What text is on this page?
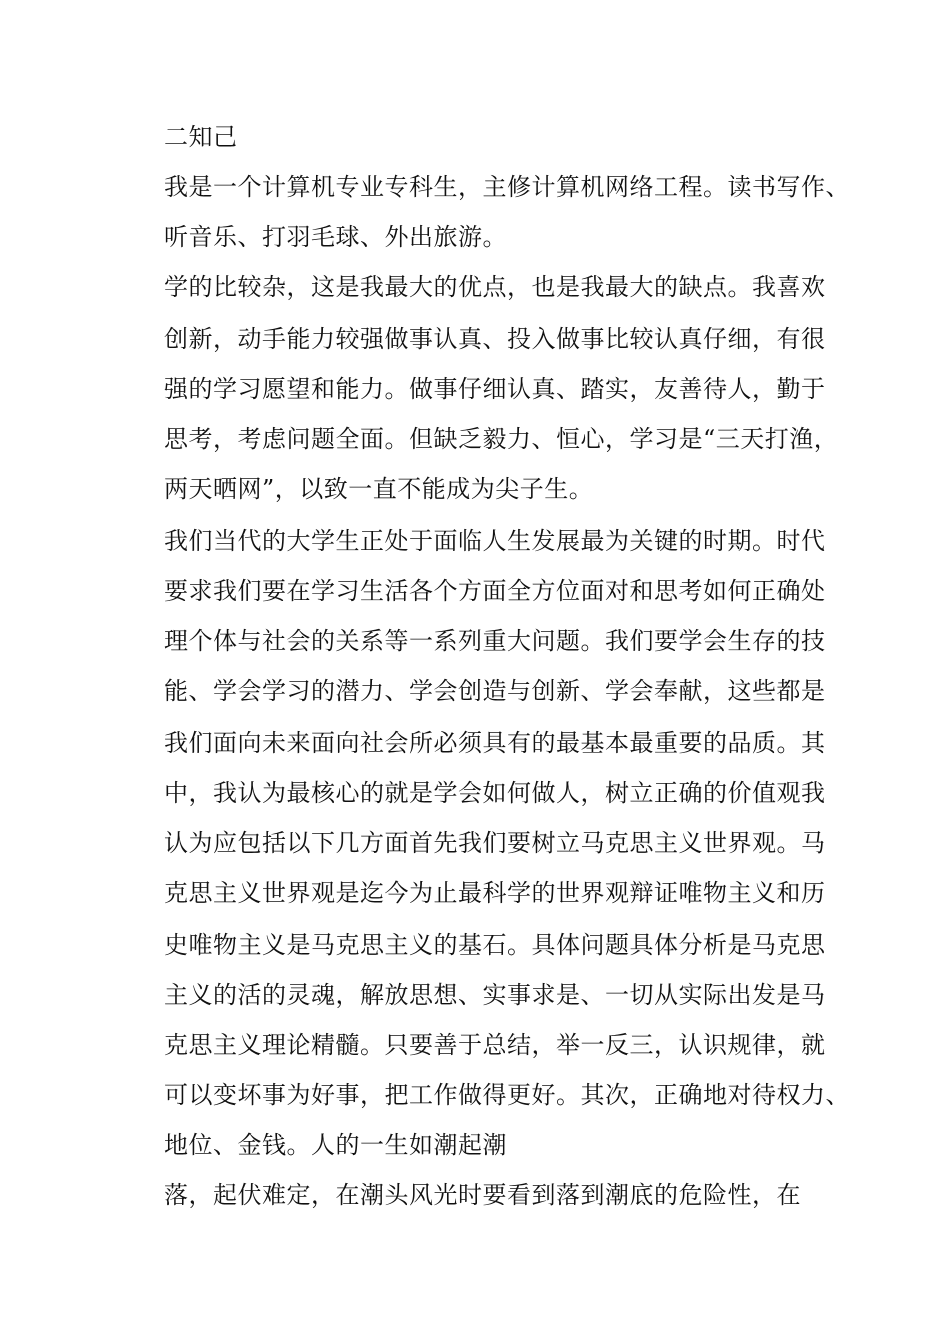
二知己

我是一个计算机专业专科生，主修计算机网络工程。读书写作、

听音乐、打羽毛球、外出旅游。

学的比较杂，这是我最大的优点，也是我最大的缺点。我喜欢

创新，动手能力较强做事认真、投入做事比较认真仔细，有很

强的学习愿望和能力。做事仔细认真、踏实，友善待人，勤于

思考，考虑问题全面。但缺乏毅力、恒心，学习是“三天打渔，

两天晒网”，以致一直不能成为尖子生。

我们当代的大学生正处于面临人生发展最为关键的时期。时代

要求我们要在学习生活各个方面全方位面对和思考如何正确处

理个体与社会的关系等一系列重大问题。我们要学会生存的技

能、学会学习的潜力、学会创造与创新、学会奉献，这些都是

我们面向未来面向社会所必须具有的最基本最重要的品质。其

中，我认为最核心的就是学会如何做人，树立正确的价值观我

认为应包括以下几方面首先我们要树立马克思主义世界观。马

克思主义世界观是迄今为止最科学的世界观辩证唯物主义和历

史唯物主义是马克思主义的基石。具体问题具体分析是马克思

主义的活的灵魂，解放思想、实事求是、一切从实际出发是马

克思主义理论精髓。只要善于总结，举一反三，认识规律，就

可以变坏事为好事，把工作做得更好。其次，正确地对待权力、

地位、金钱。人的一生如潮起潮

落，起伏难定，在潮头风光时要看到落到潮底的危险性，在
